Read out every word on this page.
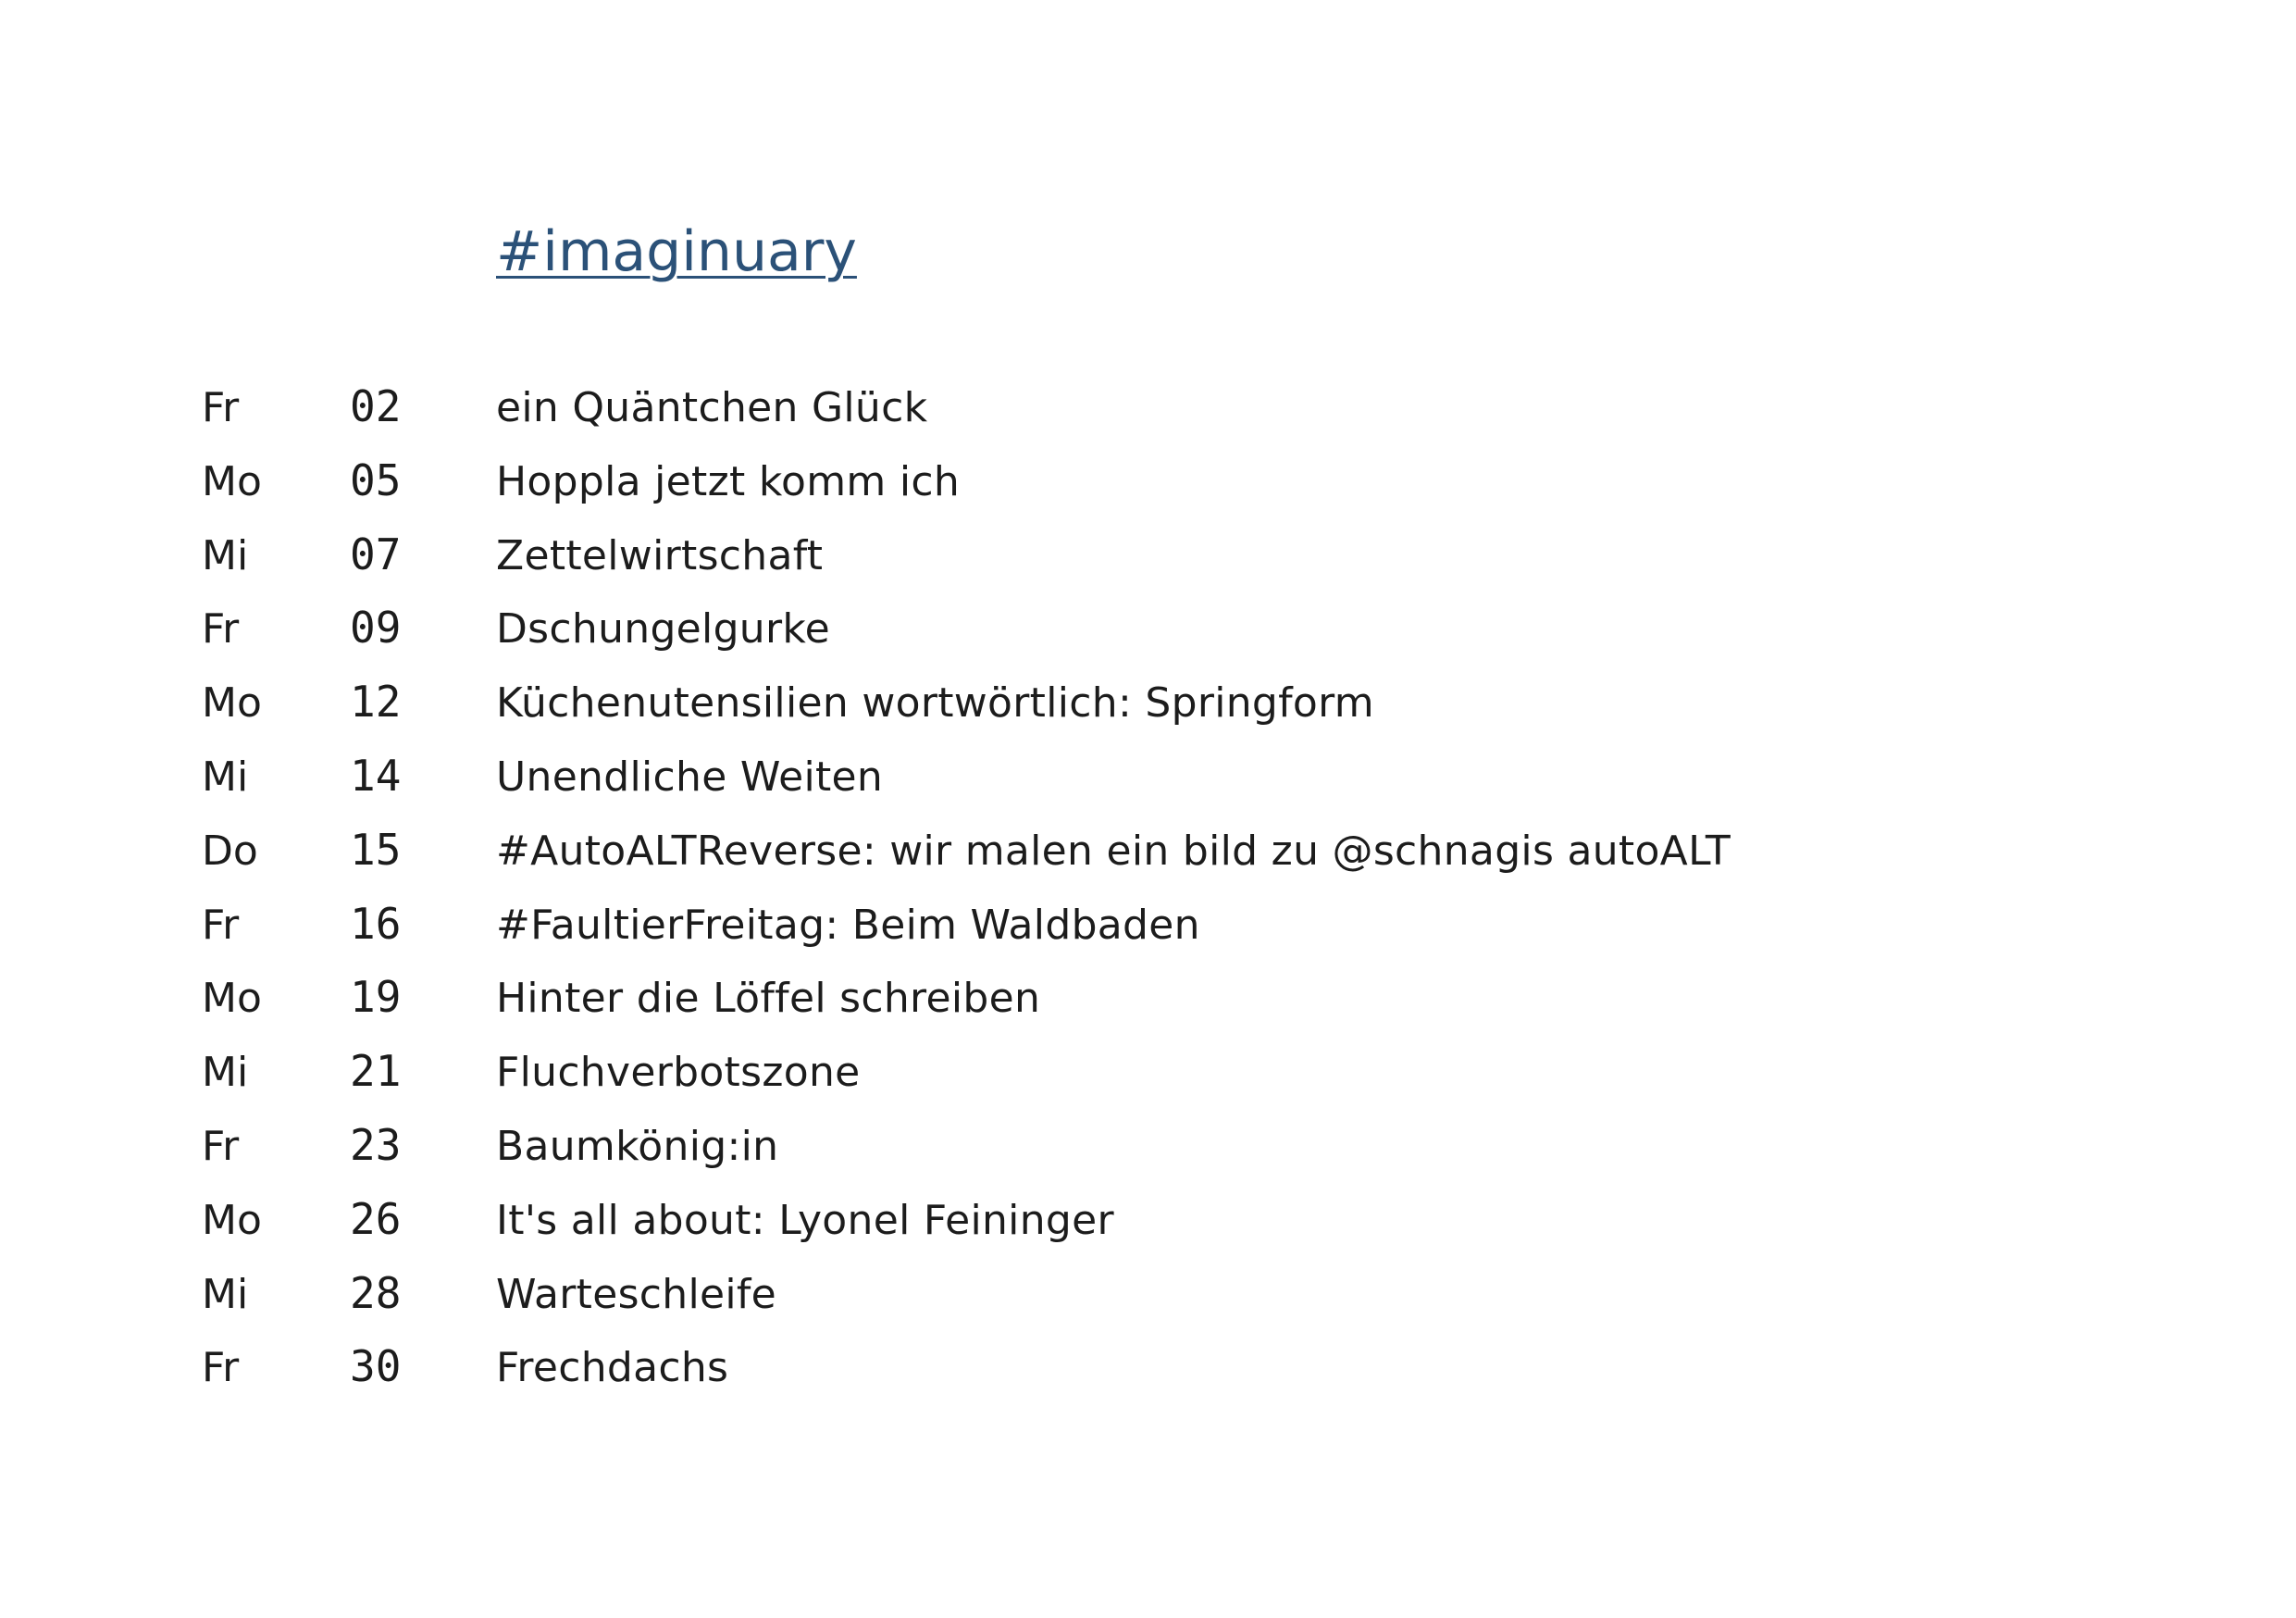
#imaginuary
Fr	02	ein Quäntchen Glück
Mo	05	Hoppla jetzt komm ich
Mi	07	Zettelwirtschaft
Fr	09	Dschungelgurke
Mo	12	Küchenutensilien wortwörtlich: Springform
Mi	14	Unendliche Weiten
Do	15	#AutoALTReverse: wir malen ein bild zu @schnagis autoALT
Fr	16	#FaultierFreitag: Beim Waldbaden
Mo	19	Hinter die Löffel schreiben
Mi	21	Fluchverbotszone
Fr	23	Baumkönig:in
Mo	26	It's all about: Lyonel Feininger
Mi	28	Warteschleife
Fr	30	Frechdachs
